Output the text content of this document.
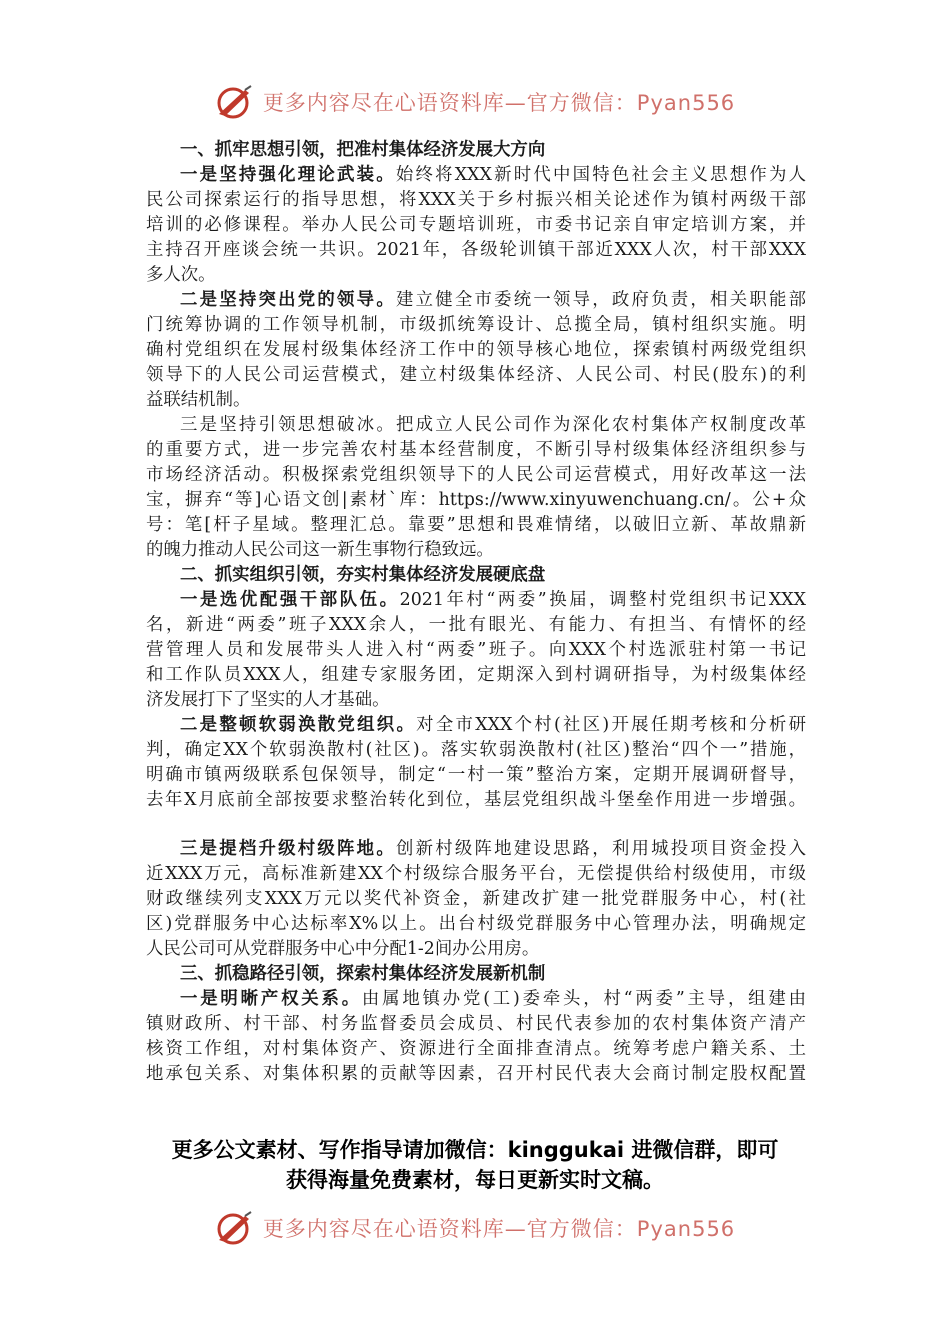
更多内容尽在心语资料库—官方微信：Pyan556
一、抓牢思想引领，把准村集体经济发展大方向
一是坚持强化理论武装。始终将XXX新时代中国特色社会主义思想作为人
民公司探索运行的指导思想，将XXX关于乡村振兴相关论述作为镇村两级干部
培训的必修课程。举办人民公司专题培训班，市委书记亲自审定培训方案，并
主持召开座谈会统一共识。2021年，各级轮训镇干部近XXX人次，村干部XXX
多人次。
二是坚持突出党的领导。建立健全市委统一领导，政府负责，相关职能部
门统筹协调的工作领导机制，市级抓统筹设计、总揽全局，镇村组织实施。明
确村党组织在发展村级集体经济工作中的领导核心地位，探索镇村两级党组织
领导下的人民公司运营模式，建立村级集体经济、人民公司、村民(股东)的利
益联结机制。
三是坚持引领思想破冰。把成立人民公司作为深化农村集体产权制度改革
的重要方式，进一步完善农村基本经营制度，不断引导村级集体经济组织参与
市场经济活动。积极探索党组织领导下的人民公司运营模式，用好改革这一法
宝，摒弃“等]心语文创|素材`库：https://www.xinyuwenchuang.cn/。公+众
号：笔[杆子星域。整理汇总。靠要”思想和畏难情绪，以破旧立新、革故鼎新
的魄力推动人民公司这一新生事物行稳致远。
二、抓实组织引领，夯实村集体经济发展硬底盘
一是选优配强干部队伍。2021年村“两委”换届，调整村党组织书记XXX
名，新进“两委”班子XXX余人，一批有眼光、有能力、有担当、有情怀的经
营管理人员和发展带头人进入村“两委”班子。向XXX个村选派驻村第一书记
和工作队员XXX人，组建专家服务团，定期深入到村调研指导，为村级集体经
济发展打下了坚实的人才基础。
二是整顿软弱涣散党组织。对全市XXX个村(社区)开展任期考核和分析研
判，确定XX个软弱涣散村(社区)。落实软弱涣散村(社区)整治“四个一”措施，
明确市镇两级联系包保领导，制定“一村一策”整治方案，定期开展调研督导，
去年X月底前全部按要求整治转化到位，基层党组织战斗堡垒作用进一步增强。
三是提档升级村级阵地。创新村级阵地建设思路，利用城投项目资金投入
近XXX万元，高标准新建XX个村级综合服务平台，无偿提供给村级使用，市级
财政继续列支XXX万元以奖代补资金，新建改扩建一批党群服务中心，村(社
区)党群服务中心达标率X%以上。出台村级党群服务中心管理办法，明确规定
人民公司可从党群服务中心中分配1-2间办公用房。
三、抓稳路径引领，探索村集体经济发展新机制
一是明晰产权关系。由属地镇办党(工)委牵头，村“两委”主导，组建由
镇财政所、村干部、村务监督委员会成员、村民代表参加的农村集体资产清产
核资工作组，对村集体资产、资源进行全面排查清点。统筹考虑户籍关系、土
地承包关系、对集体积累的贡献等因素，召开村民代表大会商讨制定股权配置
更多公文素材、写作指导请加微信：kinggukai 进微信群，即可
获得海量免费素材，每日更新实时文稿。
更多内容尽在心语资料库—官方微信：Pyan556
